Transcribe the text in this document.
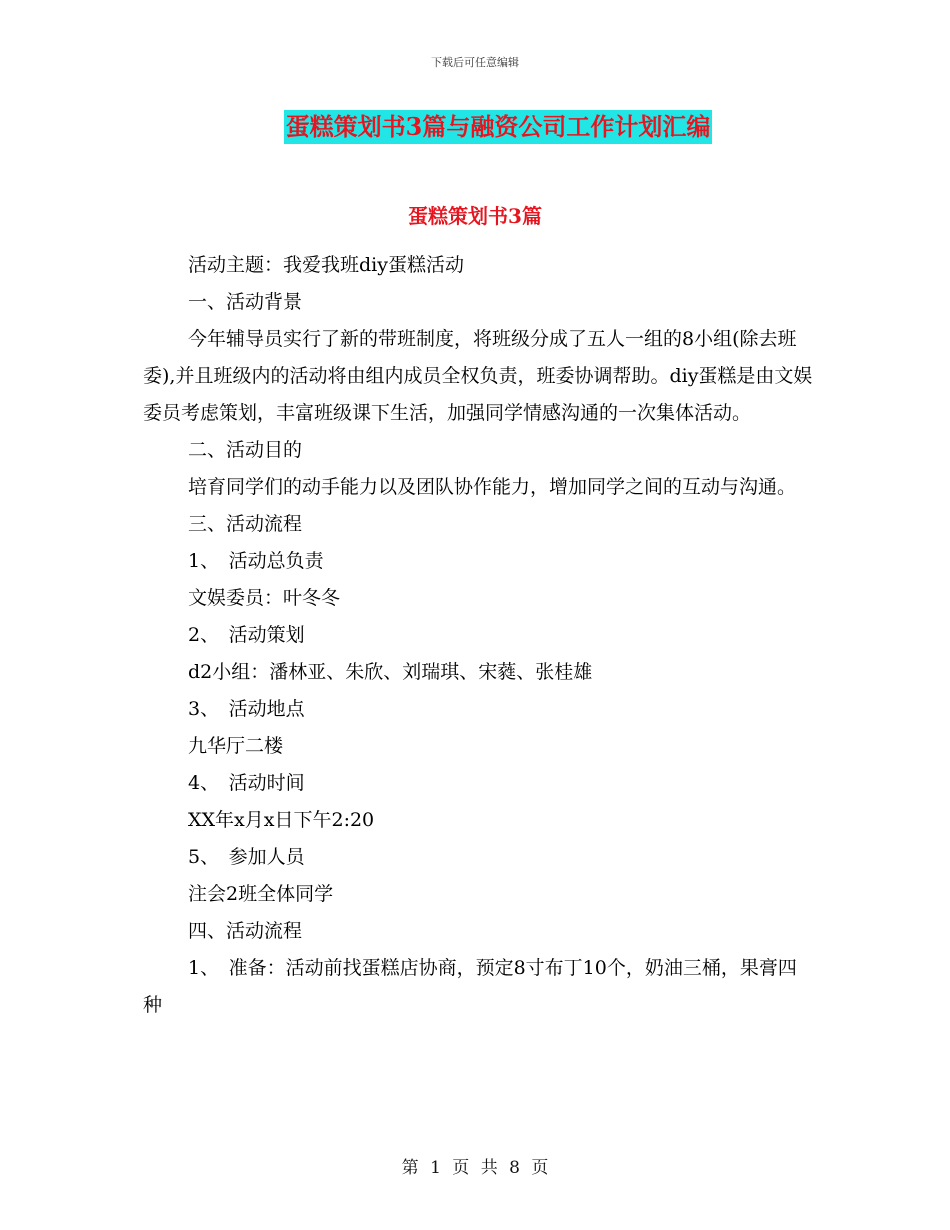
下载后可任意编辑
蛋糕策划书3篇与融资公司工作计划汇编
蛋糕策划书3篇

活动主题：我爱我班diy蛋糕活动

一、活动背景

今年辅导员实行了新的带班制度，将班级分成了五人一组的8小组(除去班委),并且班级内的活动将由组内成员全权负责，班委协调帮助。diy蛋糕是由文娱委员考虑策划，丰富班级课下生活，加强同学情感沟通的一次集体活动。

二、活动目的

培育同学们的动手能力以及团队协作能力，增加同学之间的互动与沟通。

三、活动流程

1、　活动总负责

文娱委员：叶冬冬

2、　活动策划

d2小组：潘林亚、朱欣、刘瑞琪、宋蕤、张桂雄

3、　活动地点

九华厅二楼

4、　活动时间

XX年x月x日下午2:20

5、　参加人员

注会2班全体同学

四、活动流程

1、　准备：活动前找蛋糕店协商，预定8寸布丁10个，奶油三桶，果膏四种

第 1 页 共 8 页
